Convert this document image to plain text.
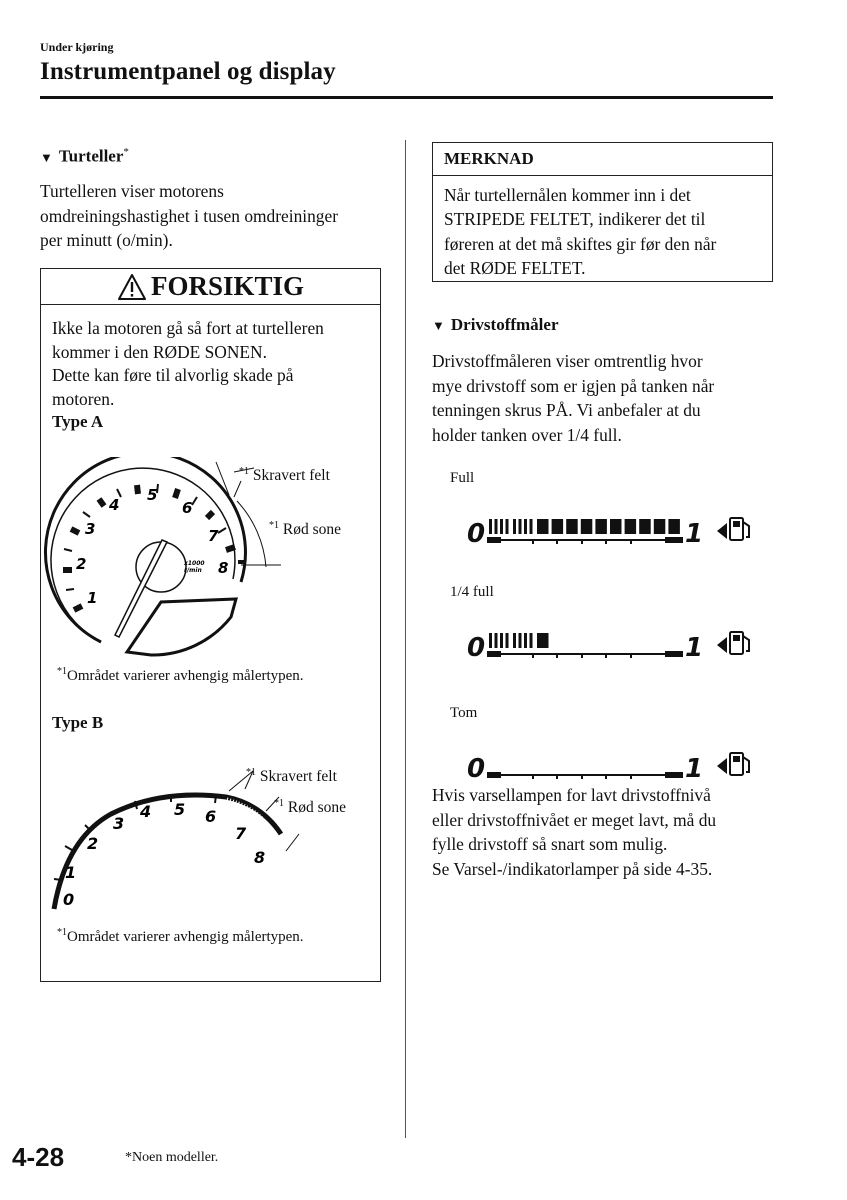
Under kjøring
Instrumentpanel og display
▼ Turteller*
Turtelleren viser motorens
omdreiningshastighet i tusen omdreininger
per minutt (o/min).
FORSIKTIG
Ikke la motoren gå så fort at turtelleren
kommer i den RØDE SONEN.
Dette kan føre til alvorlig skade på
motoren.
Type A
1
2
3
4
5
6
7
8
x1000
r/min
$^{*1}$ Skravert felt
$^{*1}$ Rød sone
$^{*1}$Området varierer avhengig målertypen.
Type B
0
1
2
3
4 5 6
7
8
$^{*1}$ Skravert felt
$^{*1}$ Rød sone
$^{*1}$Området varierer avhengig målertypen.
MERKNAD
Når turtellernålen kommer inn i det
STRIPEDE FELTET, indikerer det til
føreren at det må skiftes gir før den når
det RØDE FELTET.
▼ Drivstoffmåler
Drivstoffmåleren viser omtrentlig hvor
mye drivstoff som er igjen på tanken når
tenningen skrus PÅ. Vi anbefaler at du
holder tanken over 1/4 full.
Full
0	1
1/4 full
0	1
Tom
0	1
Hvis varsellampen for lavt drivstoffnivå
eller drivstoffnivået er meget lavt, må du
fylle drivstoff så snart som mulig.
Se Varsel-/indikatorlamper på side 4-35.
4-28	*Noen modeller.
